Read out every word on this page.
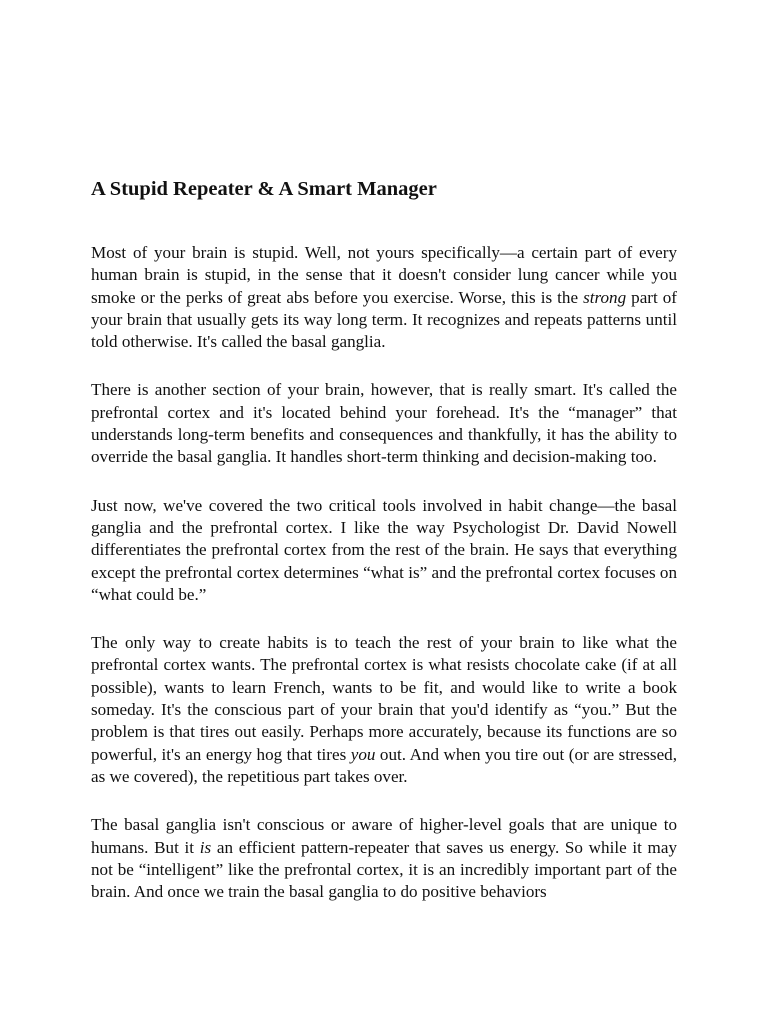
A Stupid Repeater & A Smart Manager

Most of your brain is stupid. Well, not yours specifically—a certain part of every human brain is stupid, in the sense that it doesn't consider lung cancer while you smoke or the perks of great abs before you exercise. Worse, this is the strong part of your brain that usually gets its way long term. It recognizes and repeats patterns until told otherwise. It's called the basal ganglia.

There is another section of your brain, however, that is really smart. It's called the prefrontal cortex and it's located behind your forehead. It's the “manager” that understands long-term benefits and consequences and thankfully, it has the ability to override the basal ganglia. It handles short-term thinking and decision-making too.

Just now, we've covered the two critical tools involved in habit change—the basal ganglia and the prefrontal cortex. I like the way Psychologist Dr. David Nowell differentiates the prefrontal cortex from the rest of the brain. He says that everything except the prefrontal cortex determines “what is” and the prefrontal cortex focuses on “what could be.”

The only way to create habits is to teach the rest of your brain to like what the prefrontal cortex wants. The prefrontal cortex is what resists chocolate cake (if at all possible), wants to learn French, wants to be fit, and would like to write a book someday. It's the conscious part of your brain that you'd identify as “you.” But the problem is that tires out easily. Perhaps more accurately, because its functions are so powerful, it's an energy hog that tires you out. And when you tire out (or are stressed, as we covered), the repetitious part takes over.

The basal ganglia isn't conscious or aware of higher-level goals that are unique to humans. But it is an efficient pattern-repeater that saves us energy. So while it may not be “intelligent” like the prefrontal cortex, it is an incredibly important part of the brain. And once we train the basal ganglia to do positive behaviors
